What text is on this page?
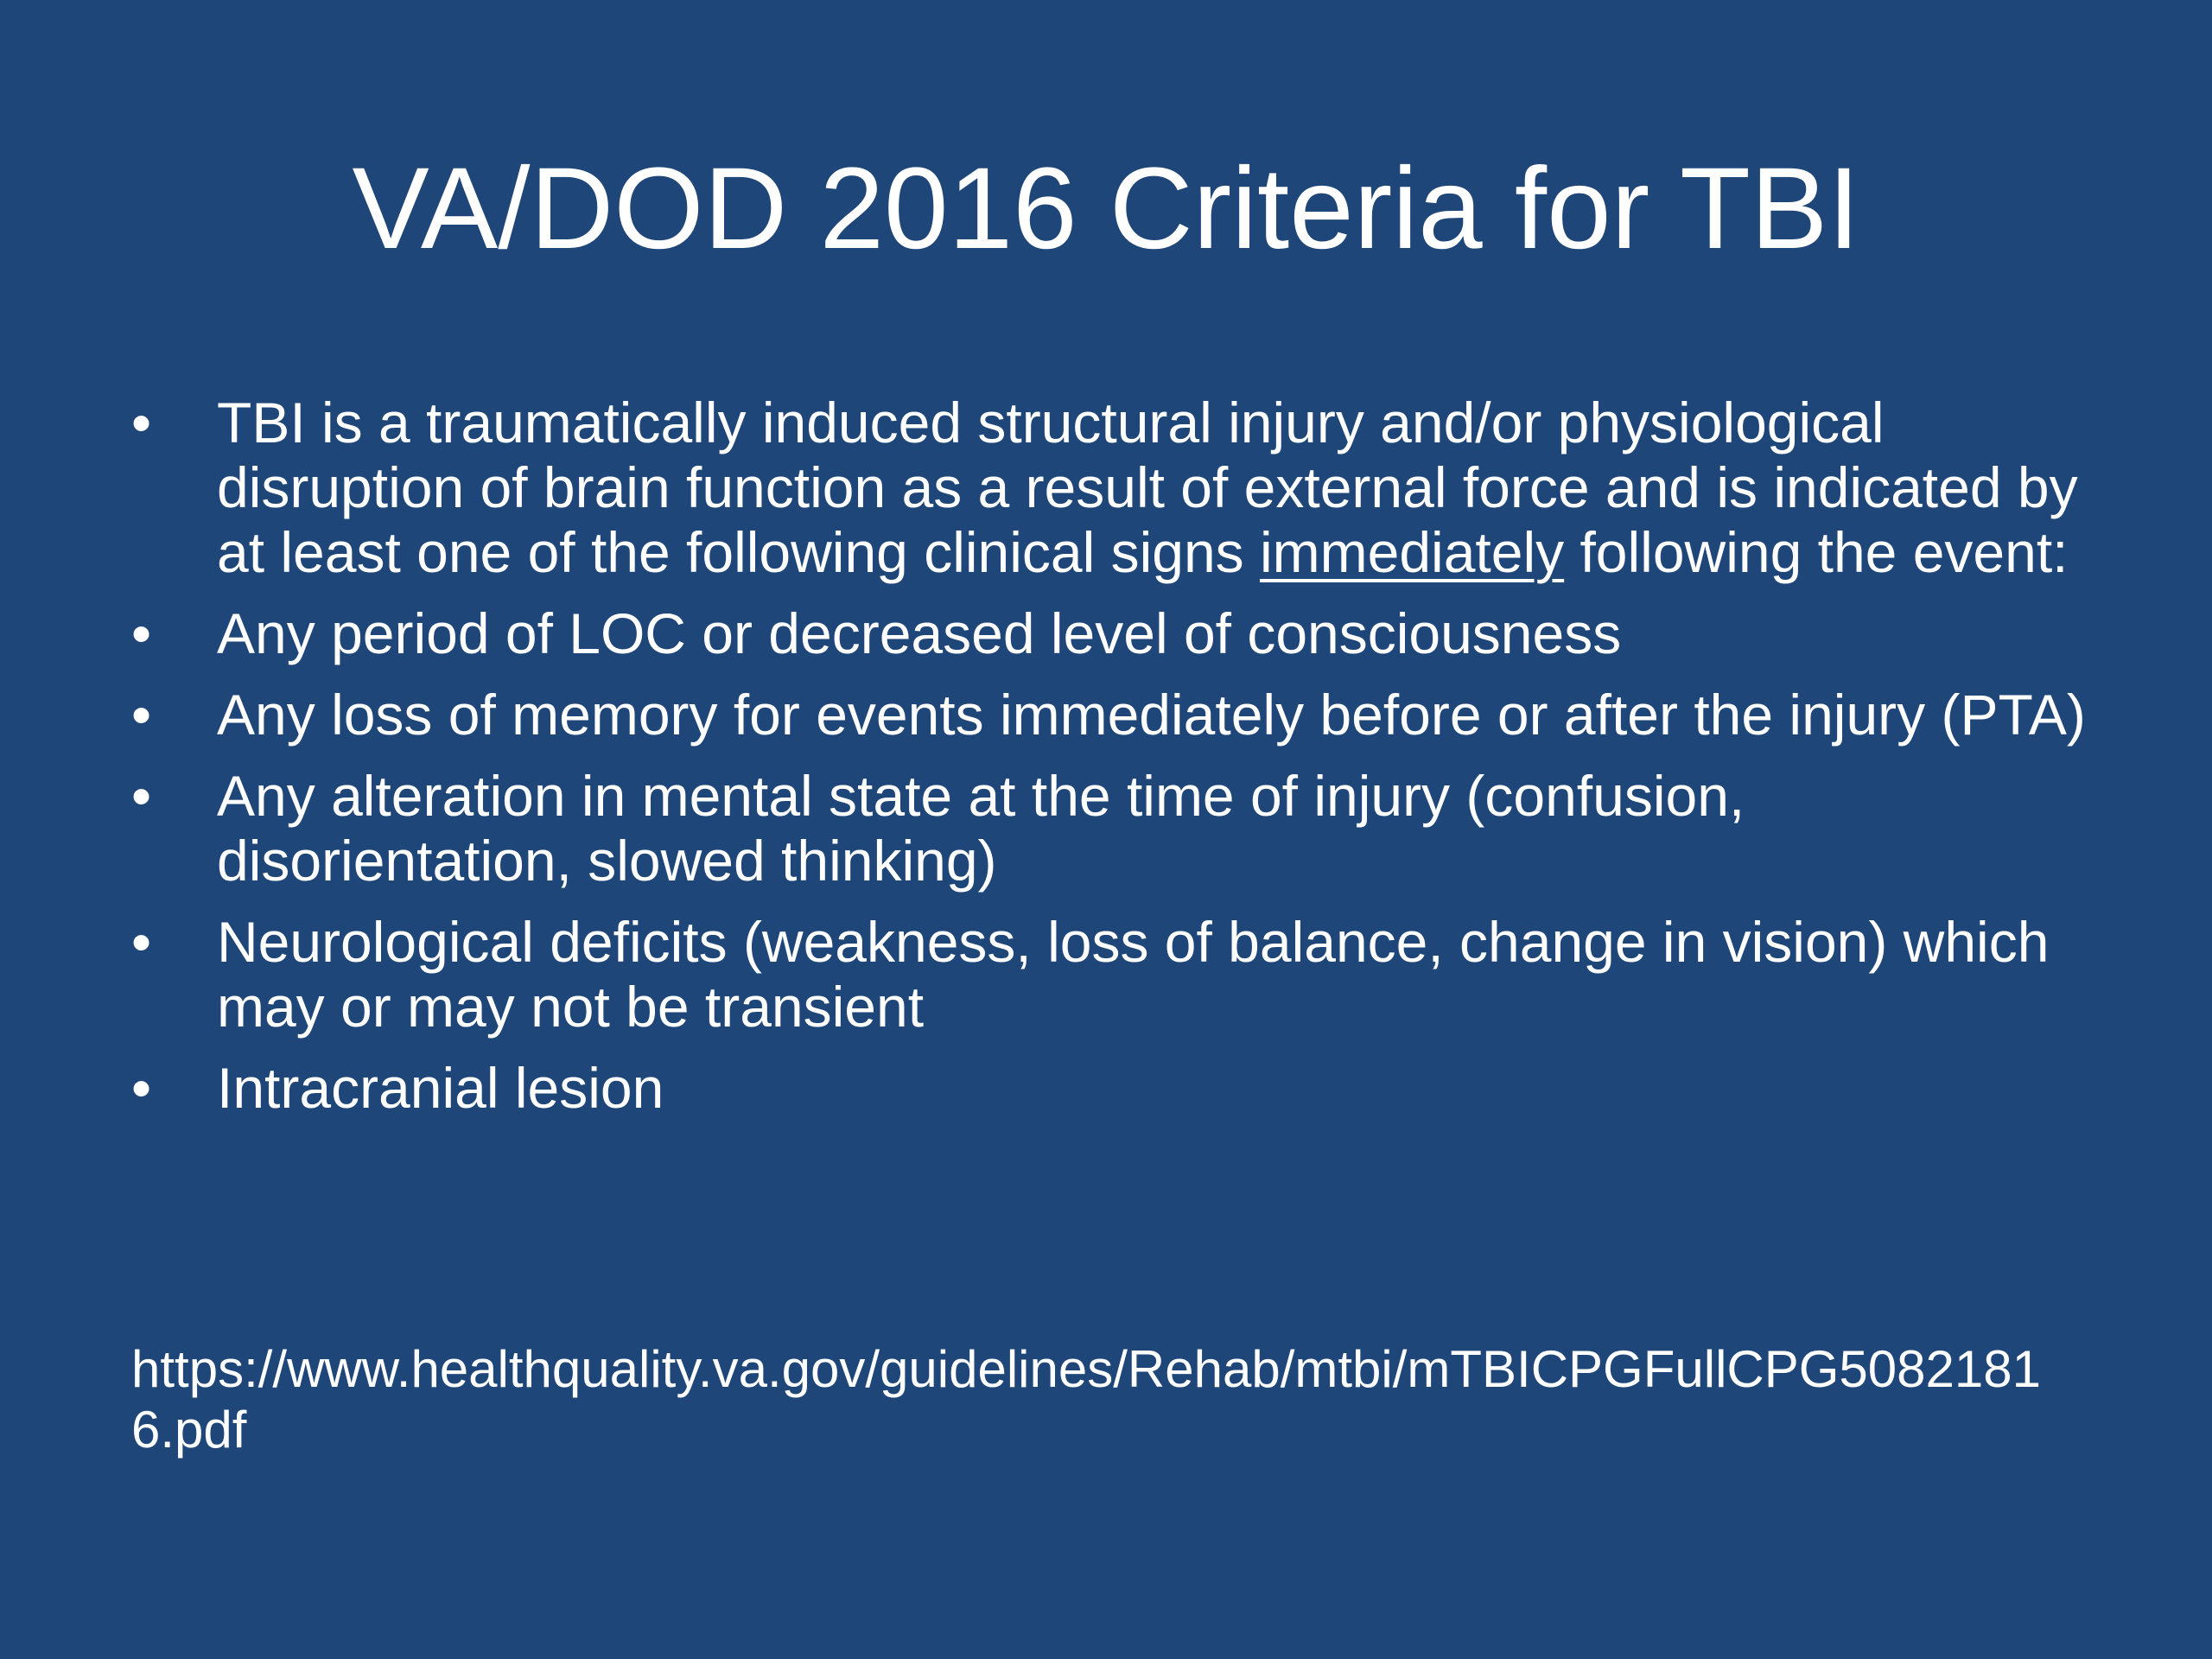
VA/DOD 2016 Criteria for TBI
• TBI is a traumatically induced structural injury and/or physiological disruption of brain function as a result of external force and is indicated by at least one of the following clinical signs immediately following the event:
• Any period of LOC or decreased level of consciousness
• Any loss of memory for events immediately before or after the injury (PTA)
• Any alteration in mental state at the time of injury (confusion, disorientation, slowed thinking)
• Neurological deficits (weakness, loss of balance, change in vision) which may or may not be transient
• Intracranial lesion

https://www.healthquality.va.gov/guidelines/Rehab/mtbi/mTBICPGFullCPG50821816.pdf
